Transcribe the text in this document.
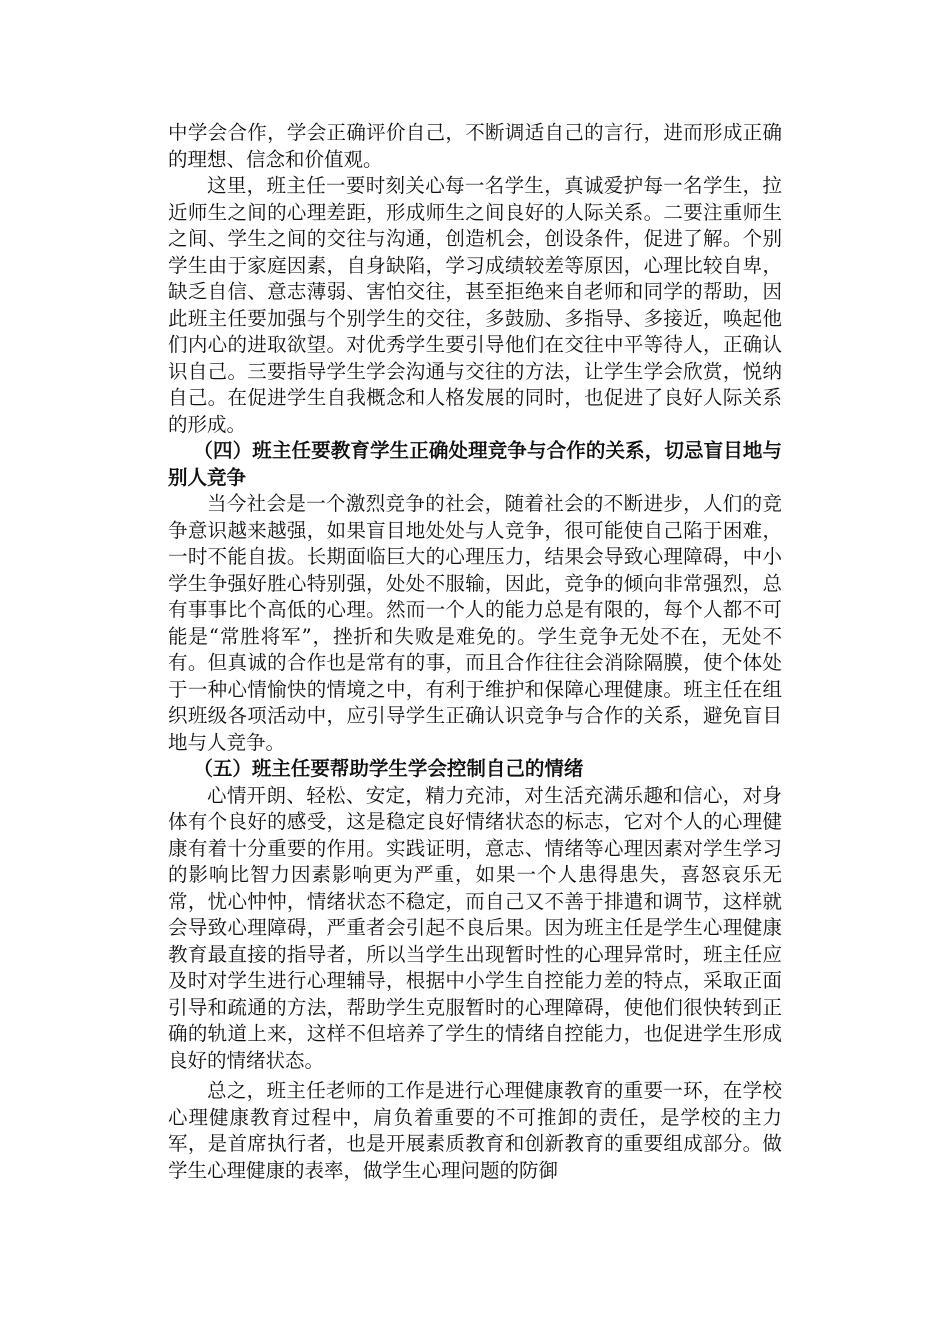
中学会合作，学会正确评价自己，不断调适自己的言行，进而形成正确的理想、信念和价值观。

这里，班主任一要时刻关心每一名学生，真诚爱护每一名学生，拉近师生之间的心理差距，形成师生之间良好的人际关系。二要注重师生之间、学生之间的交往与沟通，创造机会，创设条件，促进了解。个别学生由于家庭因素，自身缺陷，学习成绩较差等原因，心理比较自卑，缺乏自信、意志薄弱、害怕交往，甚至拒绝来自老师和同学的帮助，因此班主任要加强与个别学生的交往，多鼓励、多指导、多接近，唤起他们内心的进取欲望。对优秀学生要引导他们在交往中平等待人，正确认识自己。三要指导学生学会沟通与交往的方法，让学生学会欣赏，悦纳自己。在促进学生自我概念和人格发展的同时，也促进了良好人际关系的形成。

（四）班主任要教育学生正确处理竞争与合作的关系，切忌盲目地与别人竞争

当今社会是一个激烈竞争的社会，随着社会的不断进步，人们的竞争意识越来越强，如果盲目地处处与人竞争，很可能使自己陷于困难，一时不能自拔。长期面临巨大的心理压力，结果会导致心理障碍，中小学生争强好胜心特别强，处处不服输，因此，竞争的倾向非常强烈，总有事事比个高低的心理。然而一个人的能力总是有限的，每个人都不可能是“常胜将军”，挫折和失败是难免的。学生竞争无处不在，无处不有。但真诚的合作也是常有的事，而且合作往往会消除隔膜，使个体处于一种心情愉快的情境之中，有利于维护和保障心理健康。班主任在组织班级各项活动中，应引导学生正确认识竞争与合作的关系，避免盲目地与人竞争。

（五）班主任要帮助学生学会控制自己的情绪

心情开朗、轻松、安定，精力充沛，对生活充满乐趣和信心，对身体有个良好的感受，这是稳定良好情绪状态的标志，它对个人的心理健康有着十分重要的作用。实践证明，意志、情绪等心理因素对学生学习的影响比智力因素影响更为严重，如果一个人患得患失，喜怒哀乐无常，忧心忡忡，情绪状态不稳定，而自己又不善于排遣和调节，这样就会导致心理障碍，严重者会引起不良后果。因为班主任是学生心理健康教育最直接的指导者，所以当学生出现暂时性的心理异常时，班主任应及时对学生进行心理辅导，根据中小学生自控能力差的特点，采取正面引导和疏通的方法，帮助学生克服暂时的心理障碍，使他们很快转到正确的轨道上来，这样不但培养了学生的情绪自控能力，也促进学生形成良好的情绪状态。

总之，班主任老师的工作是进行心理健康教育的重要一环，在学校心理健康教育过程中，肩负着重要的不可推卸的责任，是学校的主力军，是首席执行者，也是开展素质教育和创新教育的重要组成部分。做学生心理健康的表率，做学生心理问题的防御
